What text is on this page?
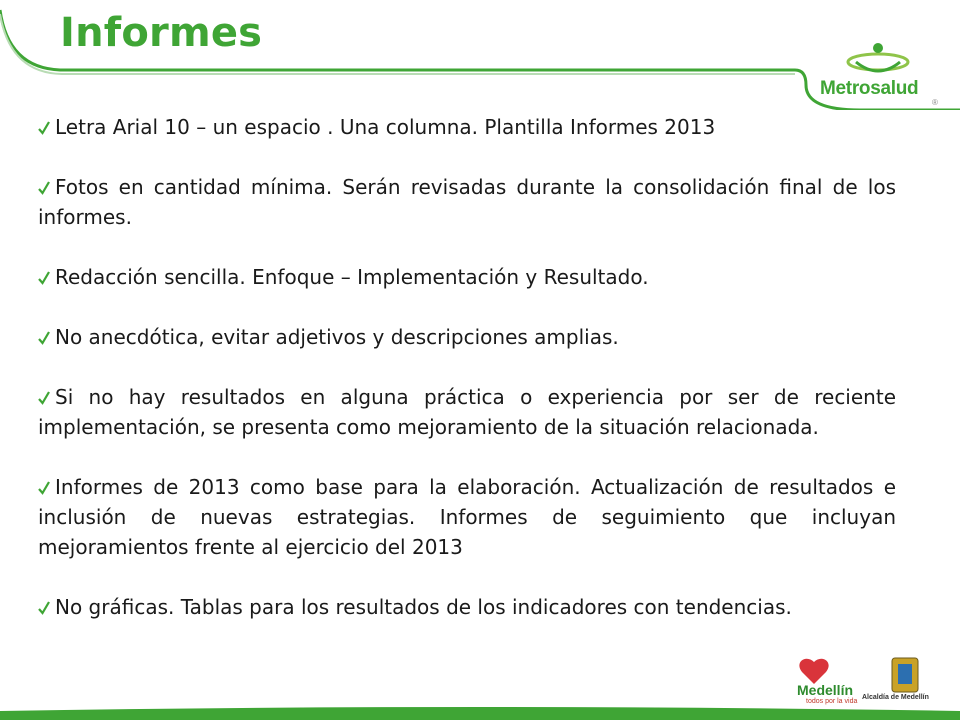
Informes
Metrosalud
®

Letra Arial 10 – un espacio . Una columna. Plantilla Informes 2013

Fotos en cantidad mínima. Serán revisadas durante la consolidación final de los informes.

Redacción sencilla. Enfoque – Implementación y Resultado.

No anecdótica, evitar adjetivos y descripciones amplias.

Si no hay resultados en alguna práctica o experiencia por ser de reciente implementación, se presenta como mejoramiento de la situación relacionada.

Informes de 2013 como base para la elaboración. Actualización de resultados e inclusión de nuevas estrategias. Informes de seguimiento que incluyan mejoramientos frente al ejercicio del 2013

No gráficas. Tablas para los resultados de los indicadores con tendencias.

Medellín
todos por la vida
Alcaldía de Medellín
